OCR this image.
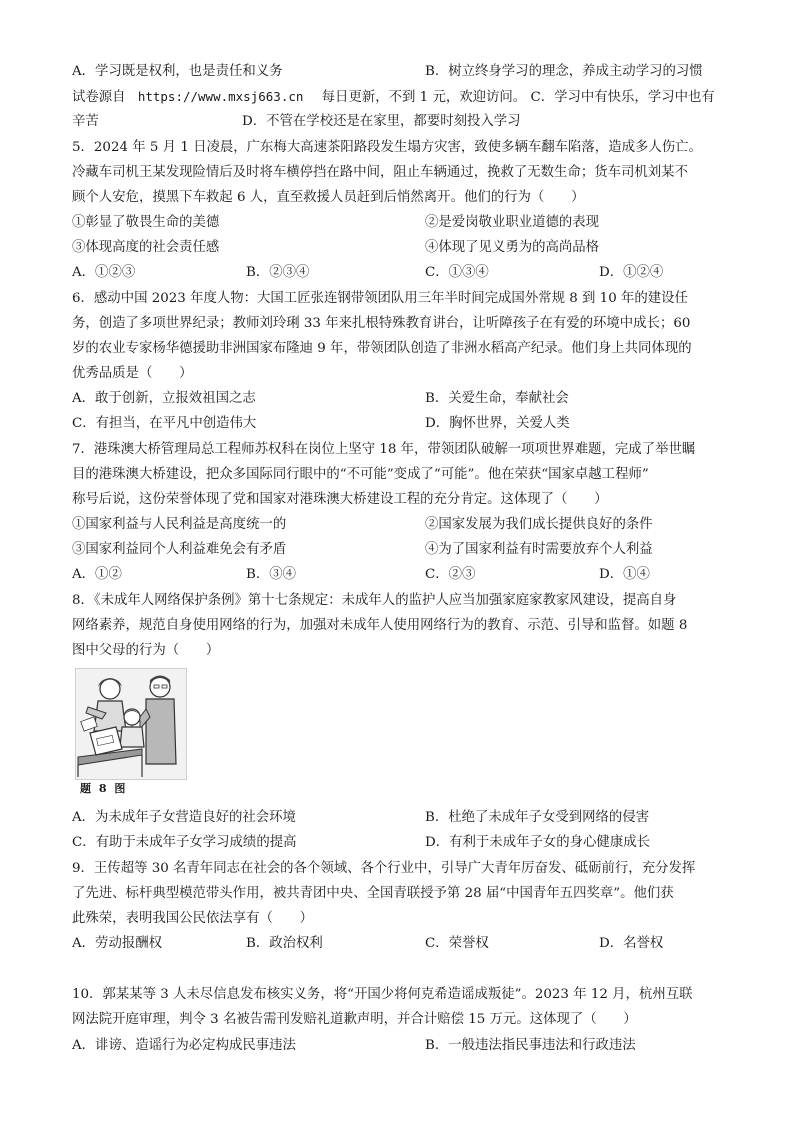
A．学习既是权利，也是责任和义务	B．树立终身学习的理念，养成主动学习的习惯
试卷源自 https://www.mxsj663.cn 每日更新，不到 1 元，欢迎访问。 C．学习中有快乐，学习中也有
辛苦	D．不管在学校还是在家里，都要时刻投入学习
5．2024 年 5 月 1 日凌晨，广东梅大高速茶阳路段发生塌方灾害，致使多辆车翻车陷落，造成多人伤亡。
冷藏车司机王某发现险情后及时将车横停挡在路中间，阻止车辆通过，挽救了无数生命；货车司机刘某不
顾个人安危，摸黑下车救起 6 人，直至救援人员赶到后悄然离开。他们的行为（　　）
①彰显了敬畏生命的美德	②是爱岗敬业职业道德的表现
③体现高度的社会责任感	④体现了见义勇为的高尚品格
A．①②③	B．②③④	C．①③④	D．①②④
6．感动中国 2023 年度人物：大国工匠张连钢带领团队用三年半时间完成国外常规 8 到 10 年的建设任
务，创造了多项世界纪录；教师刘玲琍 33 年来扎根特殊教育讲台，让听障孩子在有爱的环境中成长；60
岁的农业专家杨华德援助非洲国家布隆迪 9 年，带领团队创造了非洲水稻高产纪录。他们身上共同体现的
优秀品质是（　　）
A．敢于创新，立报效祖国之志	B．关爱生命，奉献社会
C．有担当，在平凡中创造伟大	D．胸怀世界，关爱人类
7．港珠澳大桥管理局总工程师苏权科在岗位上坚守 18 年，带领团队破解一项项世界难题，完成了举世瞩
目的港珠澳大桥建设，把众多国际同行眼中的“不可能”变成了“可能”。他在荣获“国家卓越工程师”
称号后说，这份荣誉体现了党和国家对港珠澳大桥建设工程的充分肯定。这体现了（　　）
①国家利益与人民利益是高度统一的	②国家发展为我们成长提供良好的条件
③国家利益同个人利益难免会有矛盾	④为了国家利益有时需要放弃个人利益
A．①②	B．③④	C．②③	D．①④
8．《未成年人网络保护条例》第十七条规定：未成年人的监护人应当加强家庭家教家风建设，提高自身
网络素养，规范自身使用网络的行为，加强对未成年人使用网络行为的教育、示范、引导和监督。如题 8
图中父母的行为（　　）
题 8 图
A．为未成年子女营造良好的社会环境	B．杜绝了未成年子女受到网络的侵害
C．有助于未成年子女学习成绩的提高	D．有利于未成年子女的身心健康成长
9．王传超等 30 名青年同志在社会的各个领域、各个行业中，引导广大青年厉奋发、砥砺前行，充分发挥
了先进、标杆典型模范带头作用，被共青团中央、全国青联授予第 28 届“中国青年五四奖章”。他们获
此殊荣，表明我国公民依法享有（　　）
A．劳动报酬权	B．政治权利	C．荣誉权	D．名誉权
10．郭某某等 3 人未尽信息发布核实义务，将“开国少将何克希造谣成叛徒”。2023 年 12 月，杭州互联
网法院开庭审理，判令 3 名被告需刊发赔礼道歉声明，并合计赔偿 15 万元。这体现了（　　）
A．诽谤、造谣行为必定构成民事违法	B．一般违法指民事违法和行政违法
